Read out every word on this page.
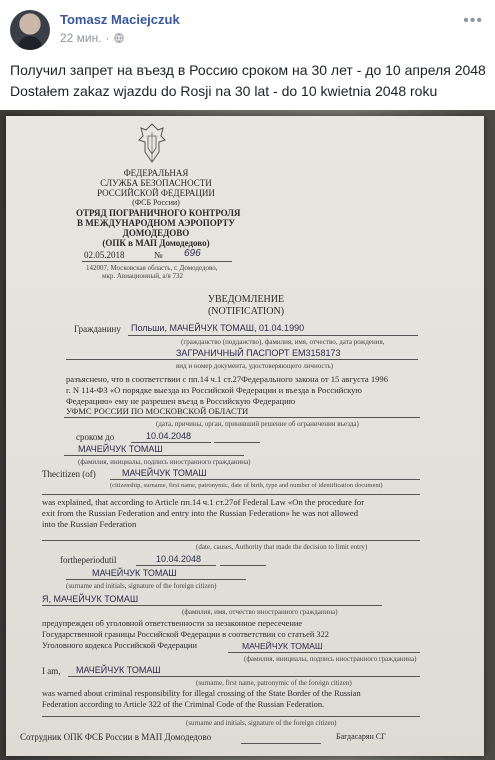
Tomasz Maciejczuk
22 мин. ·
•••

Получил запрет на въезд в Россию сроком на 30 лет - до 10 апреля 2048

Dostałem zakaz wjazdu do Rosji na 30 lat - do 10 kwietnia 2048 roku

ФЕДЕРАЛЬНАЯ
СЛУЖБА БЕЗОПАСНОСТИ
РОССИЙСКОЙ ФЕДЕРАЦИИ
(ФСБ России)
ОТРЯД ПОГРАНИЧНОГО КОНТРОЛЯ
В МЕЖДУНАРОДНОМ АЭРОПОРТУ
ДОМОДЕДОВО
(ОПК в МАП Домодедово)
02.05.2018	№ 696
142007, Московская область, г. Домодедово,
мкр. Авиационный, а/я 732
УВЕДОМЛЕНИЕ
(NOTIFICATION)
Гражданину Польши, МАЧЕЙЧУК ТОМАШ, 01.04.1990
(гражданство (подданство), фамилия, имя, отчество, дата рождения,
ЗАГРАНИЧНЫЙ ПАСПОРТ ЕМ3158173
вид и номер документа, удостоверяющего личность)
разъяснено, что в соответствии с пп.14 ч.1 ст.27Федерального закона от 15 августа 1996
г. N 114-ФЗ «О порядке выезда из Российской Федерации и въезда в Российскую
Федерацию» ему не разрешен въезд в Российскую Федерацию
УФМС РОССИИ ПО МОСКОВСКОЙ ОБЛАСТИ
(дата, причины, орган, принявший решение об ограничении въезда)
сроком до	10.04.2048
МАЧЕЙЧУК ТОМАШ
(фамилия, инициалы, подпись иностранного гражданина)
Thecitizen (of)	МАЧЕЙЧУК ТОМАШ
(citizenship, surname, first name, patronymic, date of birth, type and number of identification document)
was explained, that according to Article пп.14 ч.1 ст.27of Federal Law «On the procedure for
exit from the Russian Federation and entry into the Russian Federation» he was not allowed
into the Russian Federation
(date, causes, Authority that made the decision to limit entry)
fortheperiodutil	10.04.2048
МАЧЕЙЧУК ТОМАШ
(surname and initials, signature of the foreign citizen)
Я, МАЧЕЙЧУК ТОМАШ
(фамилия, имя, отчество иностранного гражданина)
предупрежден об уголовной ответственности за незаконное пересечение
Государственной границы Российской Федерации в соответствии со статьей 322
Уголовного кодекса Российской Федерации	МАЧЕЙЧУК ТОМАШ
(фамилия, инициалы, подпись иностранного гражданина)
I am, МАЧЕЙЧУК ТОМАШ
(surname, first name, patronymic of the foreign citizen)
was warned about criminal responsibility for illegal crossing of the State Border of the Russian
Federation according to Article 322 of the Criminal Code of the Russian Federation.
(surname and initials, signature of the foreign citizen)
Сотрудник ОПК ФСБ России в МАП Домодедово	Багдасарян СГ
